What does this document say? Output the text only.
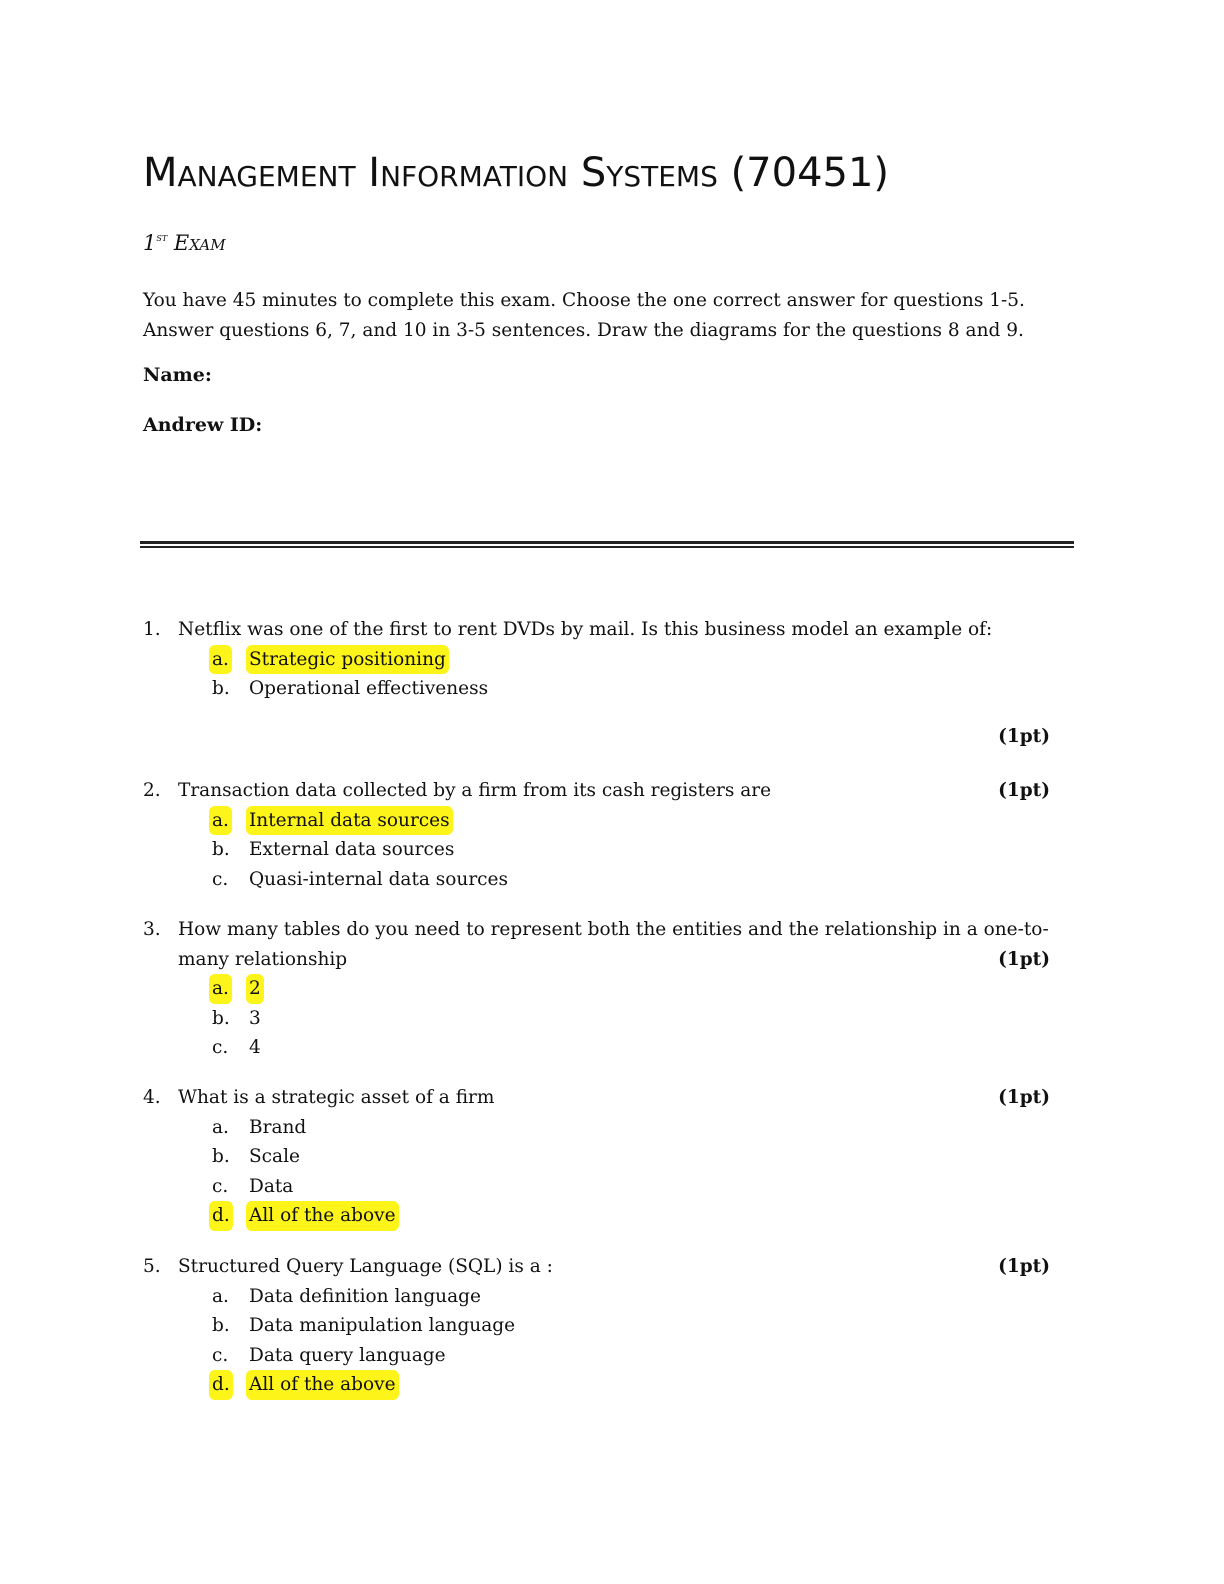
Management Information Systems (70451)
1st Exam
You have 45 minutes to complete this exam. Choose the one correct answer for questions 1-5.
Answer questions 6, 7, and 10 in 3-5 sentences. Draw the diagrams for the questions 8 and 9.
Name:
Andrew ID:
1. Netflix was one of the first to rent DVDs by mail. Is this business model an example of:
a. Strategic positioning
b. Operational effectiveness
(1pt)
2. Transaction data collected by a firm from its cash registers are	(1pt)
a. Internal data sources
b. External data sources
c. Quasi-internal data sources
3. How many tables do you need to represent both the entities and the relationship in a one-to-
many relationship	(1pt)
a. 2
b. 3
c. 4
4. What is a strategic asset of a firm	(1pt)
a. Brand
b. Scale
c. Data
d. All of the above
5. Structured Query Language (SQL) is a :	(1pt)
a. Data definition language
b. Data manipulation language
c. Data query language
d. All of the above
